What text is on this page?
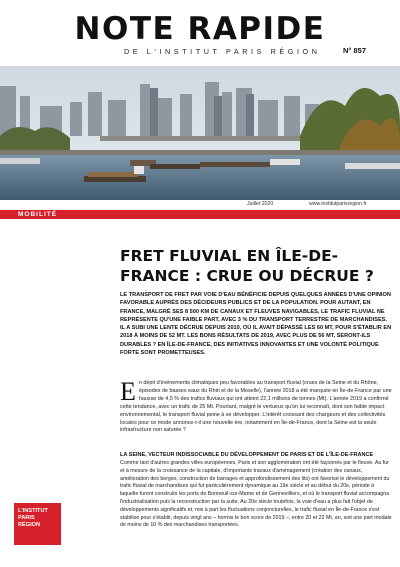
NOTE RAPIDE
DE L'INSTITUT PARIS RÉGION	N° 857
Juillet 2020	www.institutparisregion.fr
MOBILITÉ
FRET FLUVIAL EN ÎLE-DE-FRANCE : CRUE OU DÉCRUE ?
LE TRANSPORT DE FRET PAR VOIE D'EAU BÉNÉFICIE DEPUIS QUELQUES ANNÉES D'UNE OPINION FAVORABLE AUPRÈS DES DÉCIDEURS PUBLICS ET DE LA POPULATION. POUR AUTANT, EN FRANCE, MALGRÉ SES 8 500 KM DE CANAUX ET FLEUVES NAVIGABLES, LE TRAFIC FLUVIAL NE REPRÉSENTE QU'UNE FAIBLE PART, AVEC 3 % DU TRANSPORT TERRESTRE DE MARCHANDISES. IL A SUBI UNE LENTE DÉCRUE DEPUIS 2010, OÙ IL AVAIT DÉPASSÉ LES 60 MT, POUR S'ÉTABLIR EN 2018 À MOINS DE 52 MT. LES BONS RÉSULTATS DE 2019, AVEC PLUS DE 56 MT, SERONT-ILS DURABLES ? EN ÎLE-DE-FRANCE, DES INITIATIVES INNOVANTES ET UNE VOLONTÉ POLITIQUE FORTE SONT PROMETTEUSES.
E n dépit d'événements climatiques peu favorables au transport fluvial (crues de la Seine et du Rhône, épisodes de basses eaux du Rhin et de la Moselle), l'année 2018 a été marquée en Île-de-France par une hausse de 4,5 % des trafics fluviaux qui ont atteint 22,1 millions de tonnes (Mt). L'année 2019 a confirmé cette tendance, avec un trafic de 25 Mt. Pourtant, malgré le vertueux qu'on lui reconnaît, dont son faible impact environnemental, le transport fluvial peine à se développer. L'intérêt croissant des chargeurs et des collectivités locales pour ce mode annonce-t-il une nouvelle ère, notamment en Île-de-France, dont la Seine est la seule infrastructure non saturée ?
LA SEINE, VECTEUR INDISSOCIABLE DU DÉVELOPPEMENT DE PARIS ET DE L'ÎLE-DE-FRANCE
Comme tant d'autres grandes villes européennes, Paris et son agglomération ont été façonnés par le fleuve. Au fur et à mesure de la croissance de la capitale, d'importants travaux d'aménagement (création des canaux, amélioration des berges, construction de barrages et approfondissement des lits) ont favorisé le développement du trafic fluvial de marchandises qui fut particulièrement dynamique au 19e siècle et au début du 20e, période à laquelle furent construits les ports de Bonneuil-sur-Marne et de Gennevilliers, et où le transport fluvial accompagna l'industrialisation puis la reconstruction par la suite. Au 20e siècle toutefois, la voie d'eau a plus fait l'objet de développements significatifs et, mis à part les fluctuations conjoncturelles, le trafic fluvial en Île-de-France s'est stabilisé pour s'établir, depuis vingt ans – hormis le bon score de 2019 –, entre 20 et 22 Mt, an, soit une part modale de moins de 10 % des marchandises transportées.
L'INSTITUT
PARIS
RÉGION
